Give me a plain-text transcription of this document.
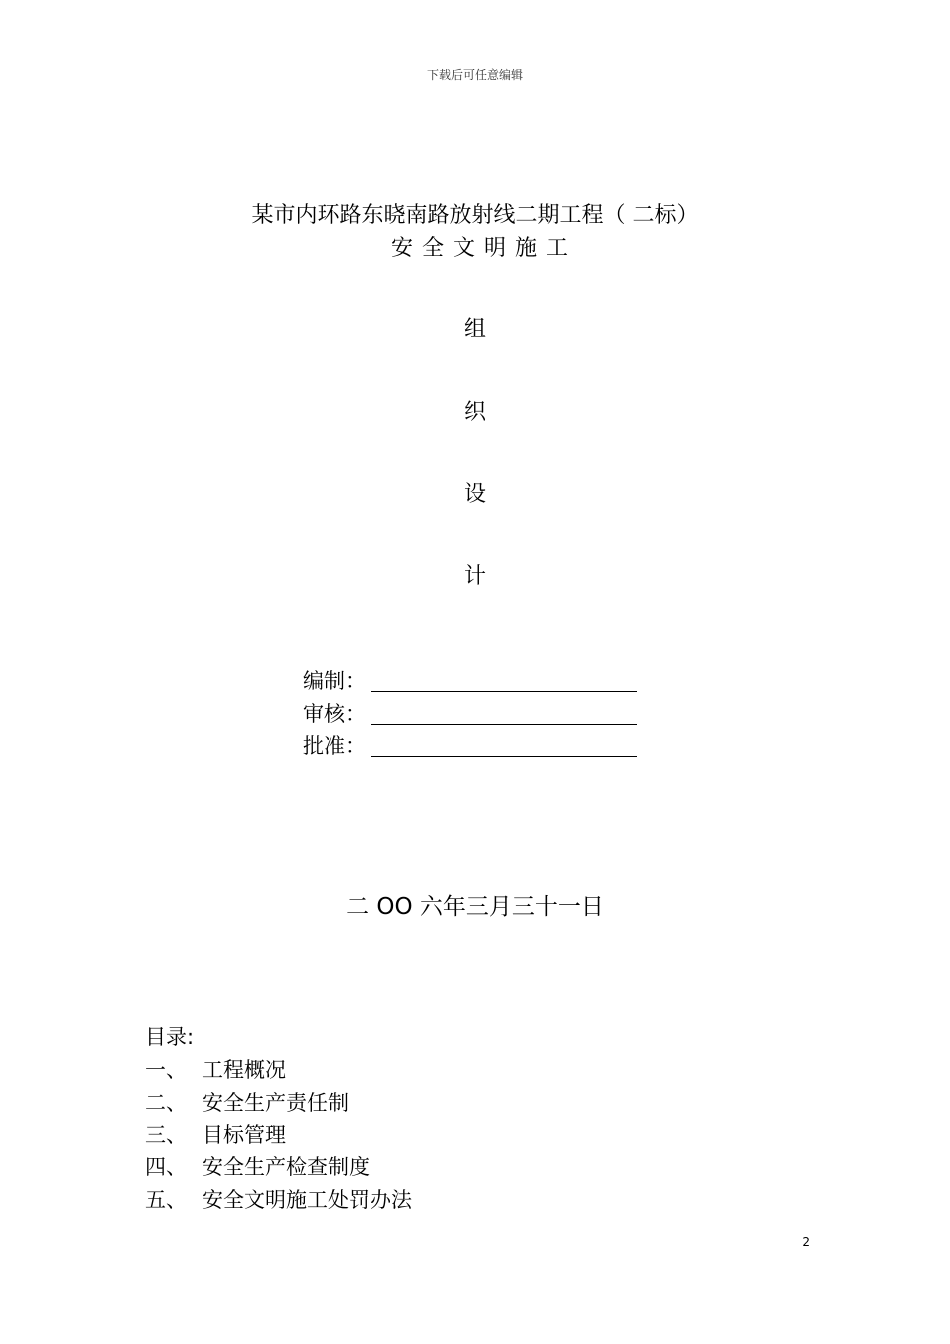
下载后可任意编辑
某市内环路东晓南路放射线二期工程（ 二标）
安全文明施工
组
织
设
计
编制：
审核：
批准：
二 OO 六年三月三十一日
目录:
一、 工程概况
二、 安全生产责任制
三、 目标管理
四、 安全生产检查制度
五、 安全文明施工处罚办法
2
